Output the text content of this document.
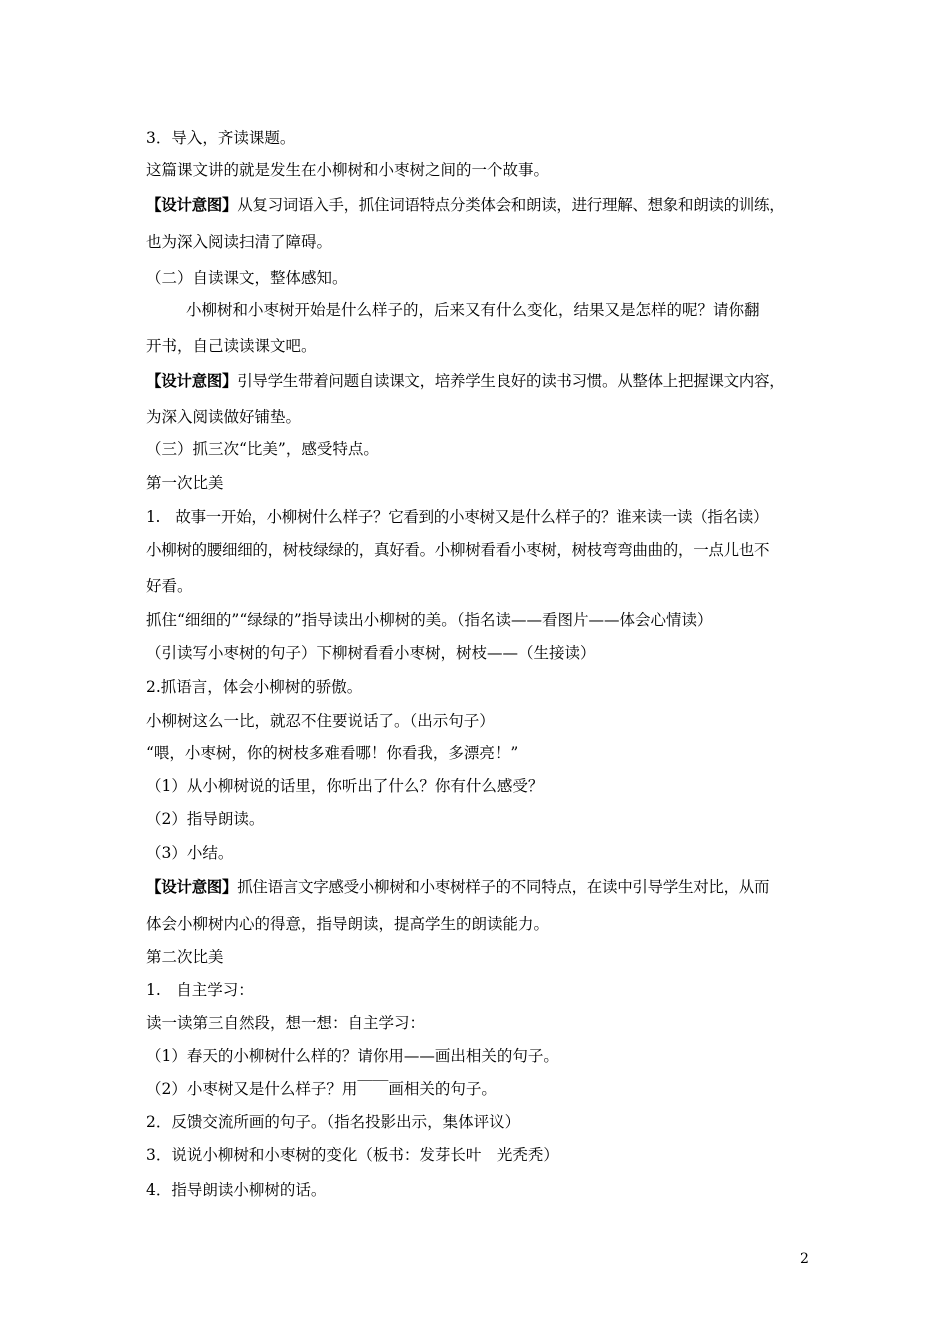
3．导入，齐读课题。
这篇课文讲的就是发生在小柳树和小枣树之间的一个故事。
【设计意图】从复习词语入手，抓住词语特点分类体会和朗读，进行理解、想象和朗读的训练，
也为深入阅读扫清了障碍。
（二）自读课文，整体感知。
小柳树和小枣树开始是什么样子的，后来又有什么变化，结果又是怎样的呢？请你翻
开书，自己读读课文吧。
【设计意图】引导学生带着问题自读课文，培养学生良好的读书习惯。从整体上把握课文内容，
为深入阅读做好铺垫。
（三）抓三次“比美”，感受特点。
第一次比美
1.　故事一开始，小柳树什么样子？它看到的小枣树又是什么样子的？谁来读一读（指名读）
小柳树的腰细细的，树枝绿绿的，真好看。小柳树看看小枣树，树枝弯弯曲曲的，一点儿也不
好看。
抓住“细细的”“绿绿的”指导读出小柳树的美。（指名读——看图片——体会心情读）
（引读写小枣树的句子）下柳树看看小枣树，树枝——（生接读）
2.抓语言，体会小柳树的骄傲。
小柳树这么一比，就忍不住要说话了。（出示句子）
“喂，小枣树，你的树枝多难看哪！你看我，多漂亮！”
（1）从小柳树说的话里，你听出了什么？你有什么感受？
（2）指导朗读。
（3）小结。
【设计意图】抓住语言文字感受小柳树和小枣树样子的不同特点，在读中引导学生对比，从而
体会小柳树内心的得意，指导朗读，提高学生的朗读能力。
第二次比美
1.　自主学习：
读一读第三自然段，想一想：自主学习：
（1）春天的小柳树什么样的？请你用——画出相关的句子。
（2）小枣树又是什么样子？用￣￣画相关的句子。
2．反馈交流所画的句子。（指名投影出示，集体评议）
3．说说小柳树和小枣树的变化（板书：发芽长叶　光秃秃）
4．指导朗读小柳树的话。
2
